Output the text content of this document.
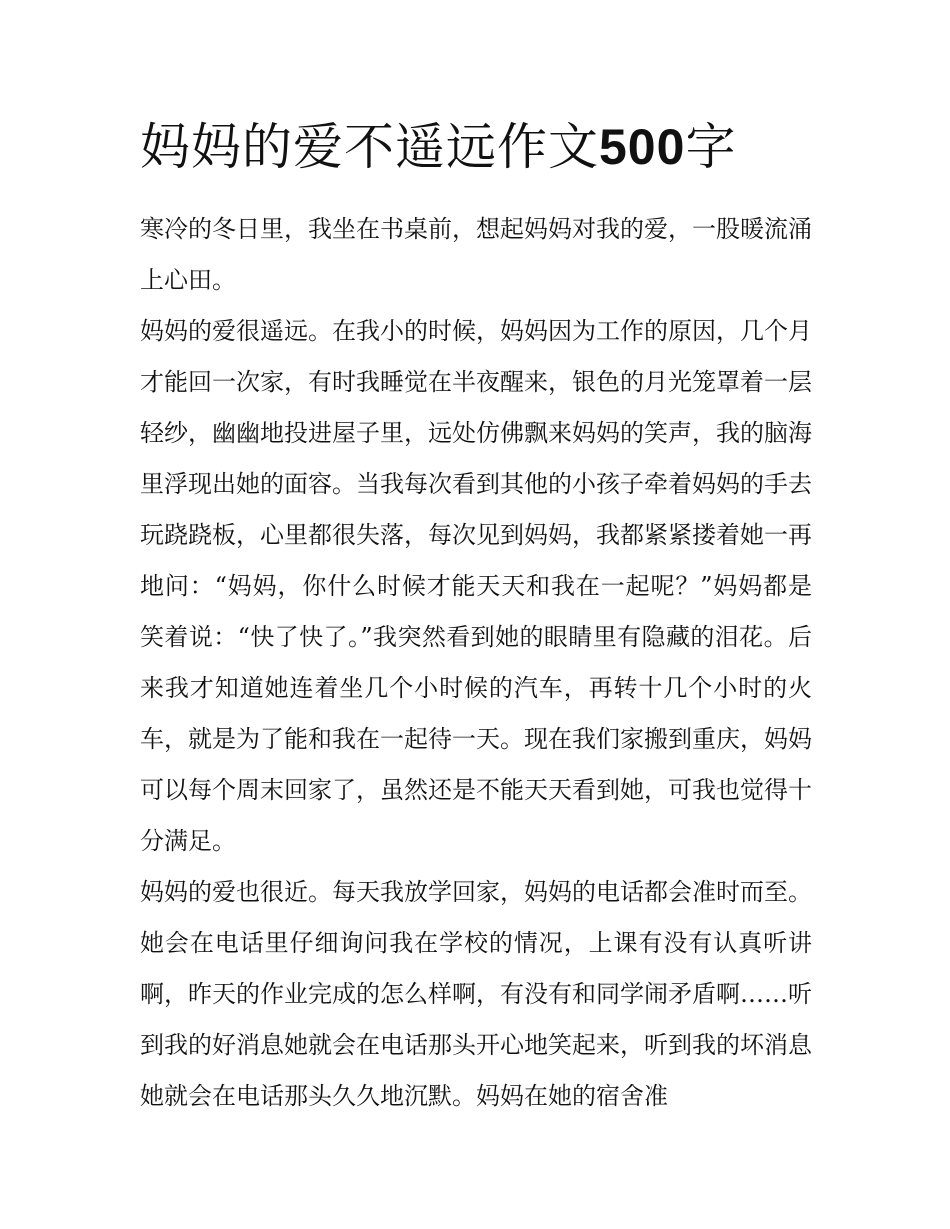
妈妈的爱不遥远作文500字

寒冷的冬日里，我坐在书桌前，想起妈妈对我的爱，一股暖流涌上心田。

妈妈的爱很遥远。在我小的时候，妈妈因为工作的原因，几个月才能回一次家，有时我睡觉在半夜醒来，银色的月光笼罩着一层轻纱，幽幽地投进屋子里，远处仿佛飘来妈妈的笑声，我的脑海里浮现出她的面容。当我每次看到其他的小孩子牵着妈妈的手去玩跷跷板，心里都很失落，每次见到妈妈，我都紧紧搂着她一再地问：“妈妈，你什么时候才能天天和我在一起呢？”妈妈都是笑着说：“快了快了。”我突然看到她的眼睛里有隐藏的泪花。后来我才知道她连着坐几个小时候的汽车，再转十几个小时的火车，就是为了能和我在一起待一天。现在我们家搬到重庆，妈妈可以每个周末回家了，虽然还是不能天天看到她，可我也觉得十分满足。

妈妈的爱也很近。每天我放学回家，妈妈的电话都会准时而至。她会在电话里仔细询问我在学校的情况，上课有没有认真听讲啊，昨天的作业完成的怎么样啊，有没有和同学闹矛盾啊……听到我的好消息她就会在电话那头开心地笑起来，听到我的坏消息她就会在电话那头久久地沉默。妈妈在她的宿舍准
